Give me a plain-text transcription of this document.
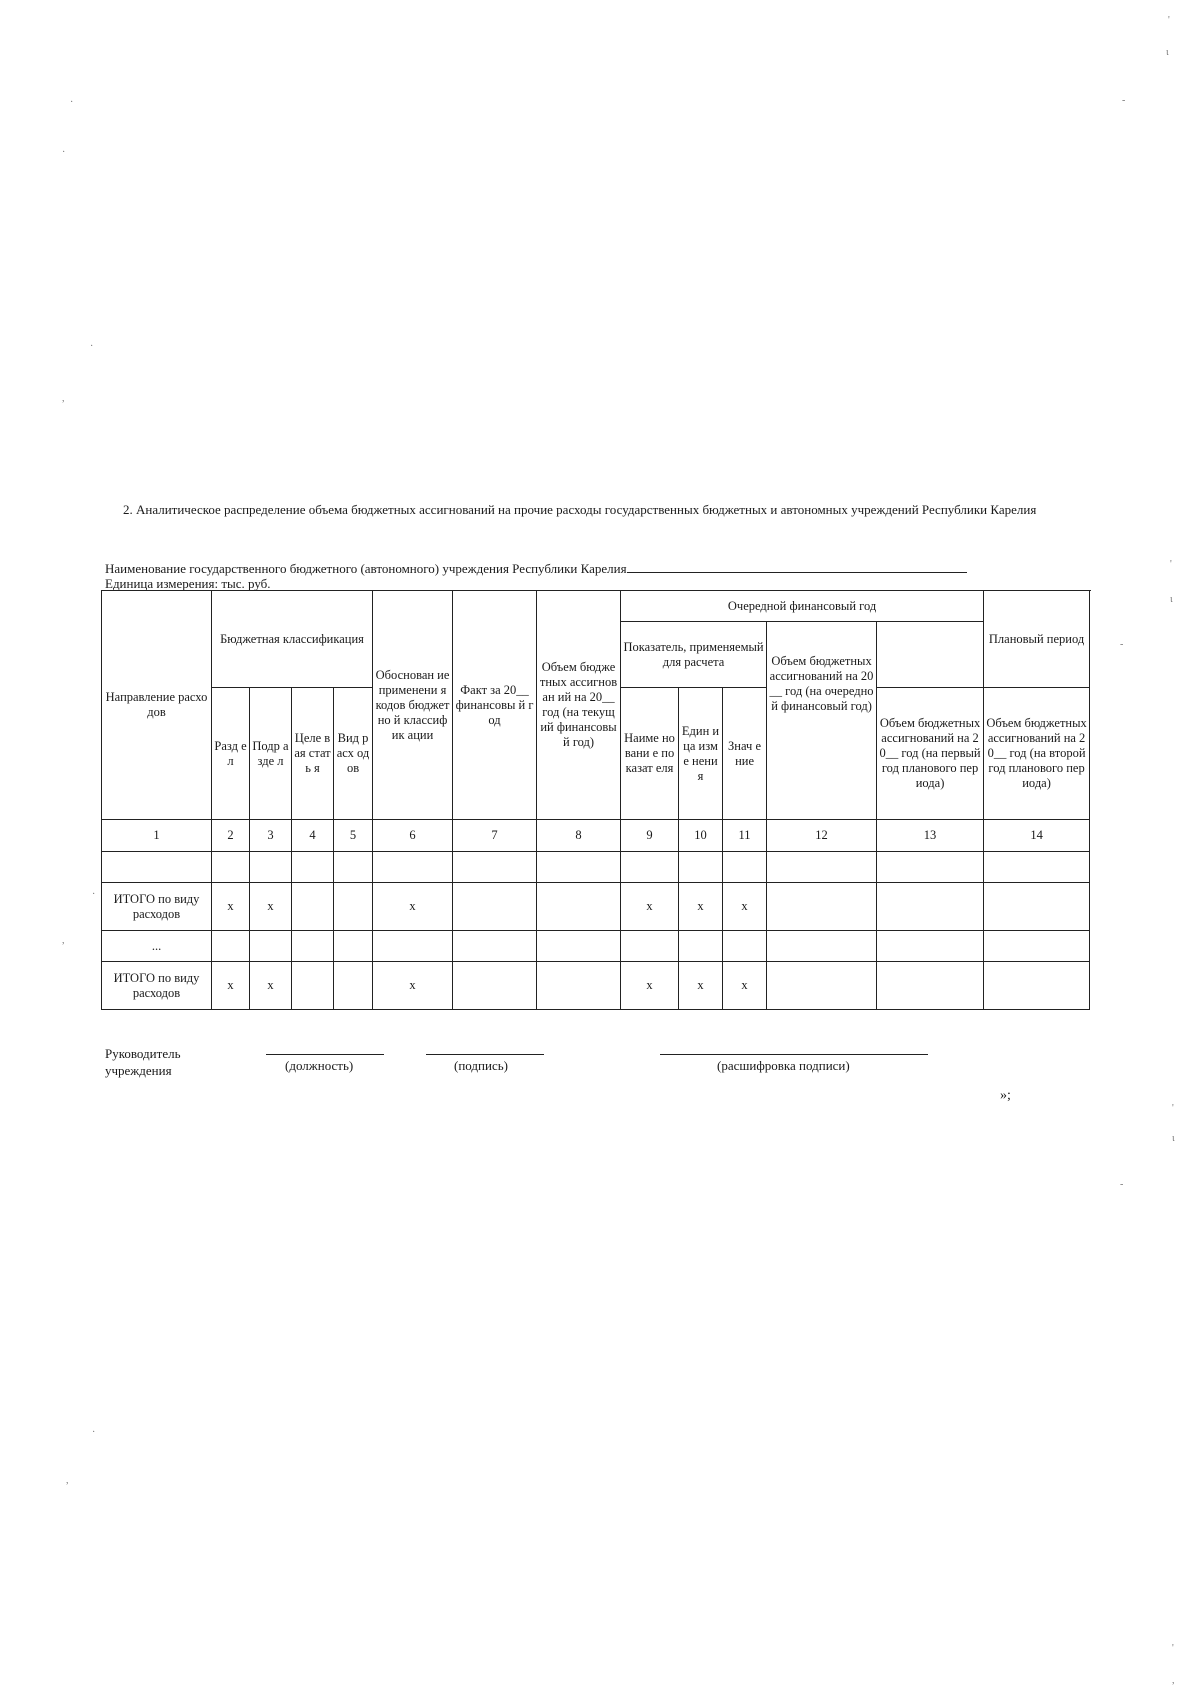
'
ι
·	-
·
·
,
'
ι
-
·
,
'
ι
-
·
,
'
,
2. Аналитическое распределение объема бюджетных ассигнований на прочие расходы государственных бюджетных и автономных учреждений Республики Карелия
Наименование государственного бюджетного (автономного) учреждения Республики Карелия
Единица измерения: тыс. руб.
Направление расходов	Бюджетная классификация				Обоснован ие применени я кодов бюджетно й классифик ации	Факт за 20__ финансовы й год	Объем бюджетных ассигнован ий на 20__ год (на текущий финансовы й год)	Очередной финансовый год					Плановый период
								Показатель, применяемый для расчета			Объем бюджетных ассигнований на 20__ год (на очередной финансовый год)		
	Разд ел	Подр азде л	Целе вая стать я	Вид расх одов				Наиме новани е показат еля	Един ица изме нения	Знач ение		Объем бюджетных ассигнований на 20__ год (на первый год планового периода)	Объем бюджетных ассигнований на 20__ год (на второй год планового периода)
1	2	3	4	5	6	7	8	9	10	11	12	13	14

ИТОГО по виду расходов	x	x			x			x	x	x			
...													
ИТОГО по виду расходов	x	x			x			x	x	x			
Руководитель учреждения	(должность)	(подпись)	(расшифровка подписи)
»;
